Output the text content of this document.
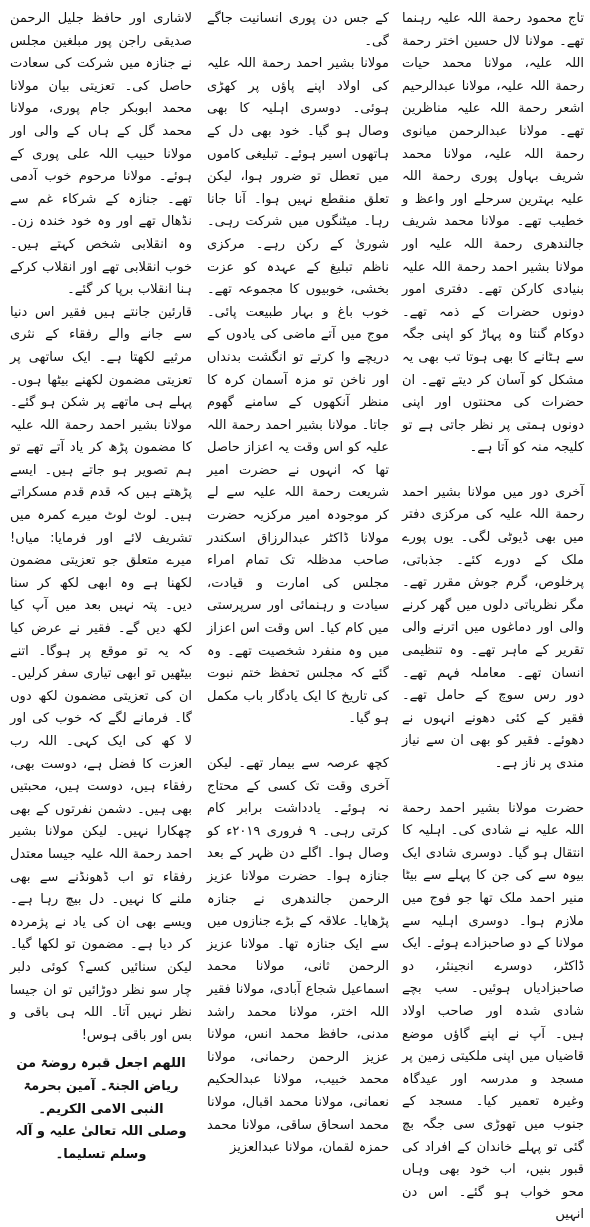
تاج محمود رحمة اللہ علیہ رہنما تھے۔ مولانا لال حسین اختر رحمة اللہ علیہ، مولانا محمد حیات رحمة اللہ علیہ، مولانا عبدالرحیم اشعر رحمة اللہ علیہ مناظرین تھے۔ مولانا عبدالرحمن میانوی رحمة اللہ علیہ، مولانا محمد شریف بہاول پوری رحمة اللہ علیہ بہترین سرحلے اور واعظ و خطیب تھے۔ مولانا محمد شریف جالندھری رحمة اللہ علیہ اور مولانا بشیر احمد رحمة اللہ علیہ بنیادی کارکن تھے۔ دفتری امور دونوں حضرات کے ذمہ تھے۔ دوکام گنتا وہ پہاڑ کو اپنی جگہ سے ہٹانے کا بھی ہوتا تب بھی یہ مشکل کو آسان کر دیتے تھے۔ ان حضرات کی محنتوں اور اپنی دونوں ہمتی پر نظر جاتی ہے تو کلیجہ منہ کو آتا ہے۔

آخری دور میں مولانا بشیر احمد رحمة اللہ علیہ کی مرکزی دفتر میں بھی ڈیوٹی لگی۔ یوں پورے ملک کے دورے کئے۔ جذباتی، پرخلوص، گرم جوش مقرر تھے۔ مگر نظریاتی دلوں میں گھر کرنے والی اور دماغوں میں اترنے والی تقریر کے ماہر تھے۔ وہ تنظیمی انسان تھے۔ معاملہ فہم تھے۔ دور رس سوچ کے حامل تھے۔ فقیر کے کئی دھونے انہوں نے دھوئے۔ فقیر کو بھی ان سے نیاز مندی پر ناز ہے۔

حضرت مولانا بشیر احمد رحمة اللہ علیہ نے شادی کی۔ اہلیہ کا انتقال ہو گیا۔ دوسری شادی ایک بیوہ سے کی جن کا پہلے سے بیٹا منیر احمد ملک تھا جو فوج میں ملازم ہوا۔ دوسری اہلیہ سے مولانا کے دو صاحبزادے ہوئے۔ ایک ڈاکٹر، دوسرے انجینئر، دو صاحبزادیاں ہوئیں۔ سب بچے شادی شدہ اور صاحب اولاد ہیں۔ آپ نے اپنے گاؤں موضع قاضیاں میں اپنی ملکیتی زمین پر مسجد و مدرسہ اور عیدگاہ وغیرہ تعمیر کیا۔ مسجد کے جنوب میں تھوڑی سی جگہ بچ گئی تو پہلے خاندان کے افراد کی قبور بنیں، اب خود بھی وہاں محو خواب ہو گئے۔ اس دن انہیں

کے جس دن پوری انسانیت جاگے گی۔

مولانا بشیر احمد رحمة اللہ علیہ کی اولاد اپنے پاؤں پر کھڑی ہوئی۔ دوسری اہلیہ کا بھی وصال ہو گیا۔ خود بھی دل کے ہاتھوں اسیر ہوئے۔ تبلیغی کاموں میں تعطل تو ضرور ہوا، لیکن تعلق منقطع نہیں ہوا۔ آنا جانا رہا۔ میٹنگوں میں شرکت رہی۔ شوریٰ کے رکن رہے۔ مرکزی ناظم تبلیغ کے عہدہ کو عزت بخشی، خوبیوں کا مجموعہ تھے۔ خوب باغ و بہار طبیعت پائی۔ موج میں آتے ماضی کی یادوں کے دریچے وا کرتے تو انگشت بدنداں اور ناخن تو مزہ آسمان کرہ کا منظر آنکھوں کے سامنے گھوم جاتا۔ مولانا بشیر احمد رحمة اللہ علیہ کو اس وقت یہ اعزاز حاصل تھا کہ انہوں نے حضرت امیر شریعت رحمة اللہ علیہ سے لے کر موجودہ امیر مرکزیہ حضرت مولانا ڈاکٹر عبدالرزاق اسکندر صاحب مدظلہ تک تمام امراء مجلس کی امارت و قیادت، سیادت و رہنمائی اور سرپرستی میں کام کیا۔ اس وقت اس اعزاز میں وہ منفرد شخصیت تھے۔ وہ گئے کہ مجلس تحفظ ختم نبوت کی تاریخ کا ایک یادگار باب مکمل ہو گیا۔

کچھ عرصہ سے بیمار تھے۔ لیکن آخری وقت تک کسی کے محتاج نہ ہوئے۔ یادداشت برابر کام کرتی رہی۔ ۹ فروری ۲۰۱۹ء کو وصال ہوا۔ اگلے دن ظہر کے بعد جنازہ ہوا۔ حضرت مولانا عزیز الرحمن جالندھری نے جنازہ پڑھایا۔ علاقہ کے بڑے جنازوں میں سے ایک جنازہ تھا۔ مولانا عزیز الرحمن ثانی، مولانا محمد اسماعیل شجاع آبادی، مولانا فقیر اللہ اختر، مولانا محمد راشد مدنی، حافظ محمد انس، مولانا عزیز الرحمن رحمانی، مولانا محمد خبیب، مولانا عبدالحکیم نعمانی، مولانا محمد اقبال، مولانا محمد اسحاق ساقی، مولانا محمد حمزہ لقمان، مولانا عبدالعزیز

لاشاری اور حافظ جلیل الرحمن صدیقی راجن پور مبلغین مجلس نے جنازہ میں شرکت کی سعادت حاصل کی۔ تعزیتی بیان مولانا محمد ابوبکر جام پوری، مولانا محمد گل کے ہاں کے والی اور مولانا حبیب اللہ علی پوری کے ہوئے۔ مولانا مرحوم خوب آدمی تھے۔ جنازہ کے شرکاء غم سے نڈھال تھے اور وہ خود خندہ زن۔ وہ انقلابی شخص کہتے ہیں۔ خوب انقلابی تھے اور انقلاب کرکے ہنا انقلاب برپا کر گئے۔

قارئین جانتے ہیں فقیر اس دنیا سے جانے والے رفقاء کے نثری مرثیے لکھتا ہے۔ ایک ساتھی پر تعزیتی مضمون لکھنے بیٹھا ہوں۔ پہلے ہی ماتھے پر شکن ہو گئے۔ مولانا بشیر احمد رحمة اللہ علیہ کا مضمون پڑھ کر یاد آتے تھے تو ہم تصویر ہو جاتے ہیں۔ ایسے پڑھتے ہیں کہ قدم قدم مسکراتے ہیں۔ لوٹ لوٹ میرے کمرہ میں تشریف لائے اور فرمایا: میاں! میرے متعلق جو تعزیتی مضمون لکھنا ہے وہ ابھی لکھ کر سنا دیں۔ پتہ نہیں بعد میں آپ کیا لکھ دیں گے۔ فقیر نے عرض کیا کہ یہ تو موقع پر ہوگا۔ اتنے بیٹھیں تو ابھی تیاری سفر کرلیں۔ ان کی تعزیتی مضمون لکھ دوں گا۔ فرمانے لگے کہ خوب کی اور لا کھ کی ایک کہی۔ اللہ رب العزت کا فضل ہے، دوست بھی، رفقاء ہیں، دوست ہیں، محبتیں بھی ہیں۔ دشمن نفرتوں کے بھی چھکارا نہیں۔ لیکن مولانا بشیر احمد رحمة اللہ علیہ جیسا معتدل رفقاء تو اب ڈھونڈنے سے بھی ملنے کا نہیں۔ دل بیچ رہا ہے۔ ویسے بھی ان کی یاد نے پژمردہ کر دیا ہے۔ مضمون تو لکھا گیا۔ لیکن سنائیں کسے؟ کوئی دلبر چار سو نظر دوڑائیں تو ان جیسا نظر نہیں آتا۔ اللہ ہی باقی و بس اور باقی ہوس!

اللھم اجعل قبرہ روضۃ من ریاض الجنۃ۔ آمین بحرمۃ النبی الامی الکریم۔

وصلی اللہ تعالیٰ علیہ و آلہ وسلم تسلیما۔
